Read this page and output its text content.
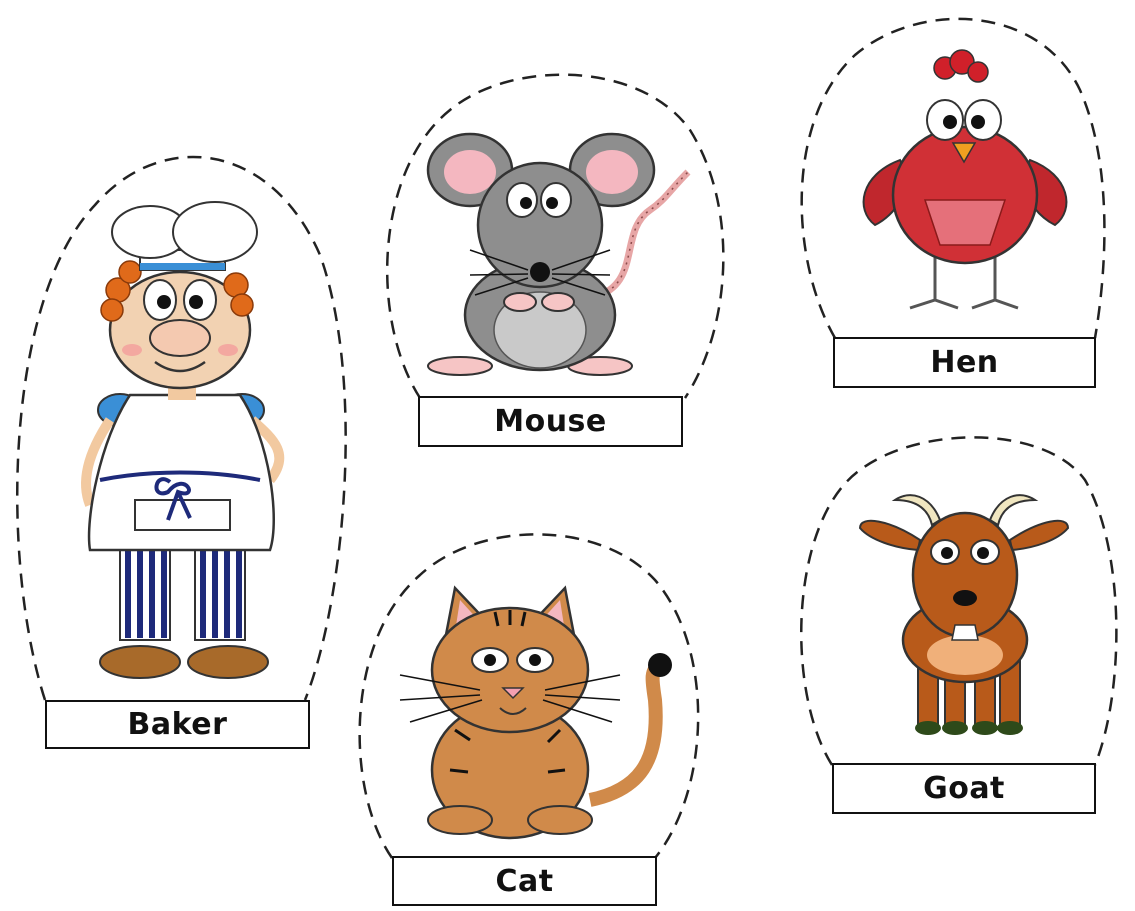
Baker
Mouse
Hen
Cat
Goat
